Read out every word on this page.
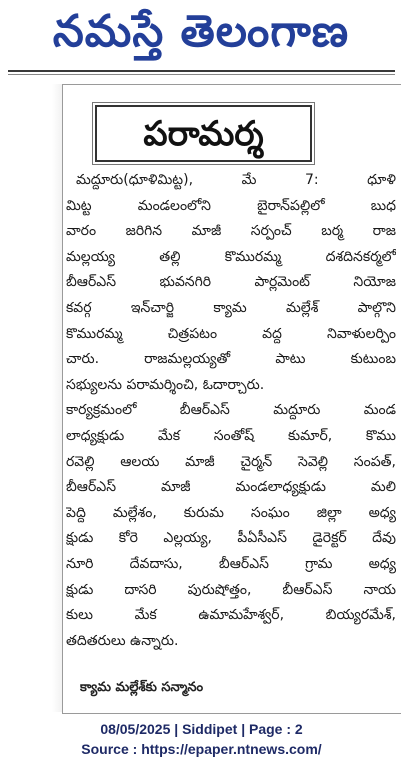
నమస్తే తెలంగాణ
పరామర్శ
మద్దూరు(ధూళిమిట్ట), మే 7: ధూళి
మిట్ట మండలంలోని బైరాన్‌పల్లిలో బుధ
వారం జరిగిన మాజీ సర్పంచ్ బర్మ రాజ
మల్లయ్య తల్లి కొమురమ్మ దశదినకర్మలో
బీఆర్‌ఎస్ భువనగిరి పార్లమెంట్ నియోజ
కవర్గ ఇన్‌చార్జి క్యామ మల్లేశ్ పాల్గొని
కొమురమ్మ చిత్రపటం వద్ద నివాళులర్పిం
చారు. రాజమల్లయ్యతో పాటు కుటుంబ
సభ్యులను పరామర్శించి, ఓదార్చారు.
కార్యక్రమంలో బీఆర్‌ఎస్ మద్దూరు మండ
లాధ్యక్షుడు మేక సంతోష్ కుమార్, కొము
రవెల్లి ఆలయ మాజీ చైర్మన్ సెవెల్లి సంపత్,
బీఆర్‌ఎస్ మాజీ మండలాధ్యక్షుడు మలి
పెద్ది మల్లేశం, కురుమ సంఘం జిల్లా అధ్య
క్షుడు కోరె ఎల్లయ్య, పీఏసీఎస్ డైరెక్టర్ దేవు
నూరి దేవదాసు, బీఆర్‌ఎస్ గ్రామ అధ్య
క్షుడు దాసరి పురుషోత్తం, బీఆర్‌ఎస్ నాయ
కులు మేక ఉమామహేశ్వర్, బియ్యరమేశ్,
తదితరులు ఉన్నారు.
క్యామ మల్లేశ్‌కు సన్మానం
08/05/2025 | Siddipet | Page : 2
Source : https://epaper.ntnews.com/
